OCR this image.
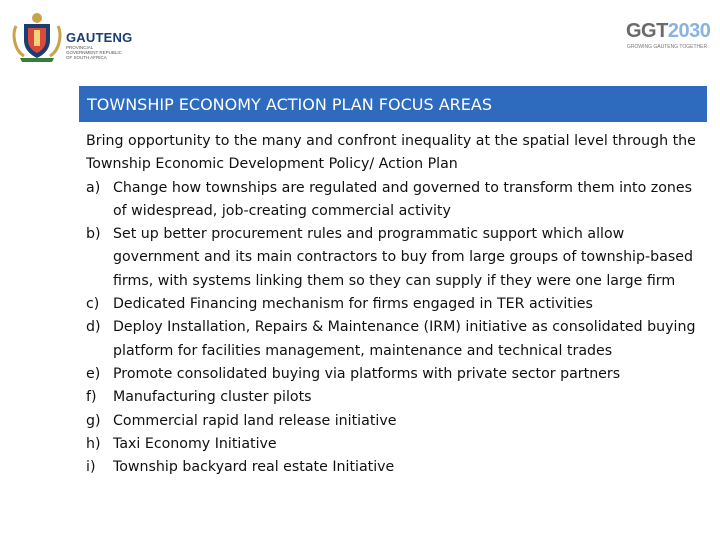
GAUTENG
PROVINCIAL GOVERNMENT REPUBLIC OF SOUTH AFRICA
GGT2030
GROWING GAUTENG TOGETHER
TOWNSHIP ECONOMY ACTION PLAN FOCUS AREAS

Bring opportunity to the many and confront inequality at the spatial level through the Township Economic Development Policy/ Action Plan

a) Change how townships are regulated and governed to transform them into zones of widespread, job-creating commercial activity
b) Set up better procurement rules and programmatic support which allow government and its main contractors to buy from large groups of township-based firms, with systems linking them so they can supply if they were one large firm
c) Dedicated Financing mechanism for firms engaged in TER activities
d) Deploy Installation, Repairs & Maintenance (IRM) initiative as consolidated buying platform for facilities management, maintenance and technical trades
e) Promote consolidated buying via platforms with private sector partners
f)	Manufacturing cluster pilots
g) Commercial rapid land release initiative
h) Taxi Economy Initiative
i)	Township backyard real estate Initiative
